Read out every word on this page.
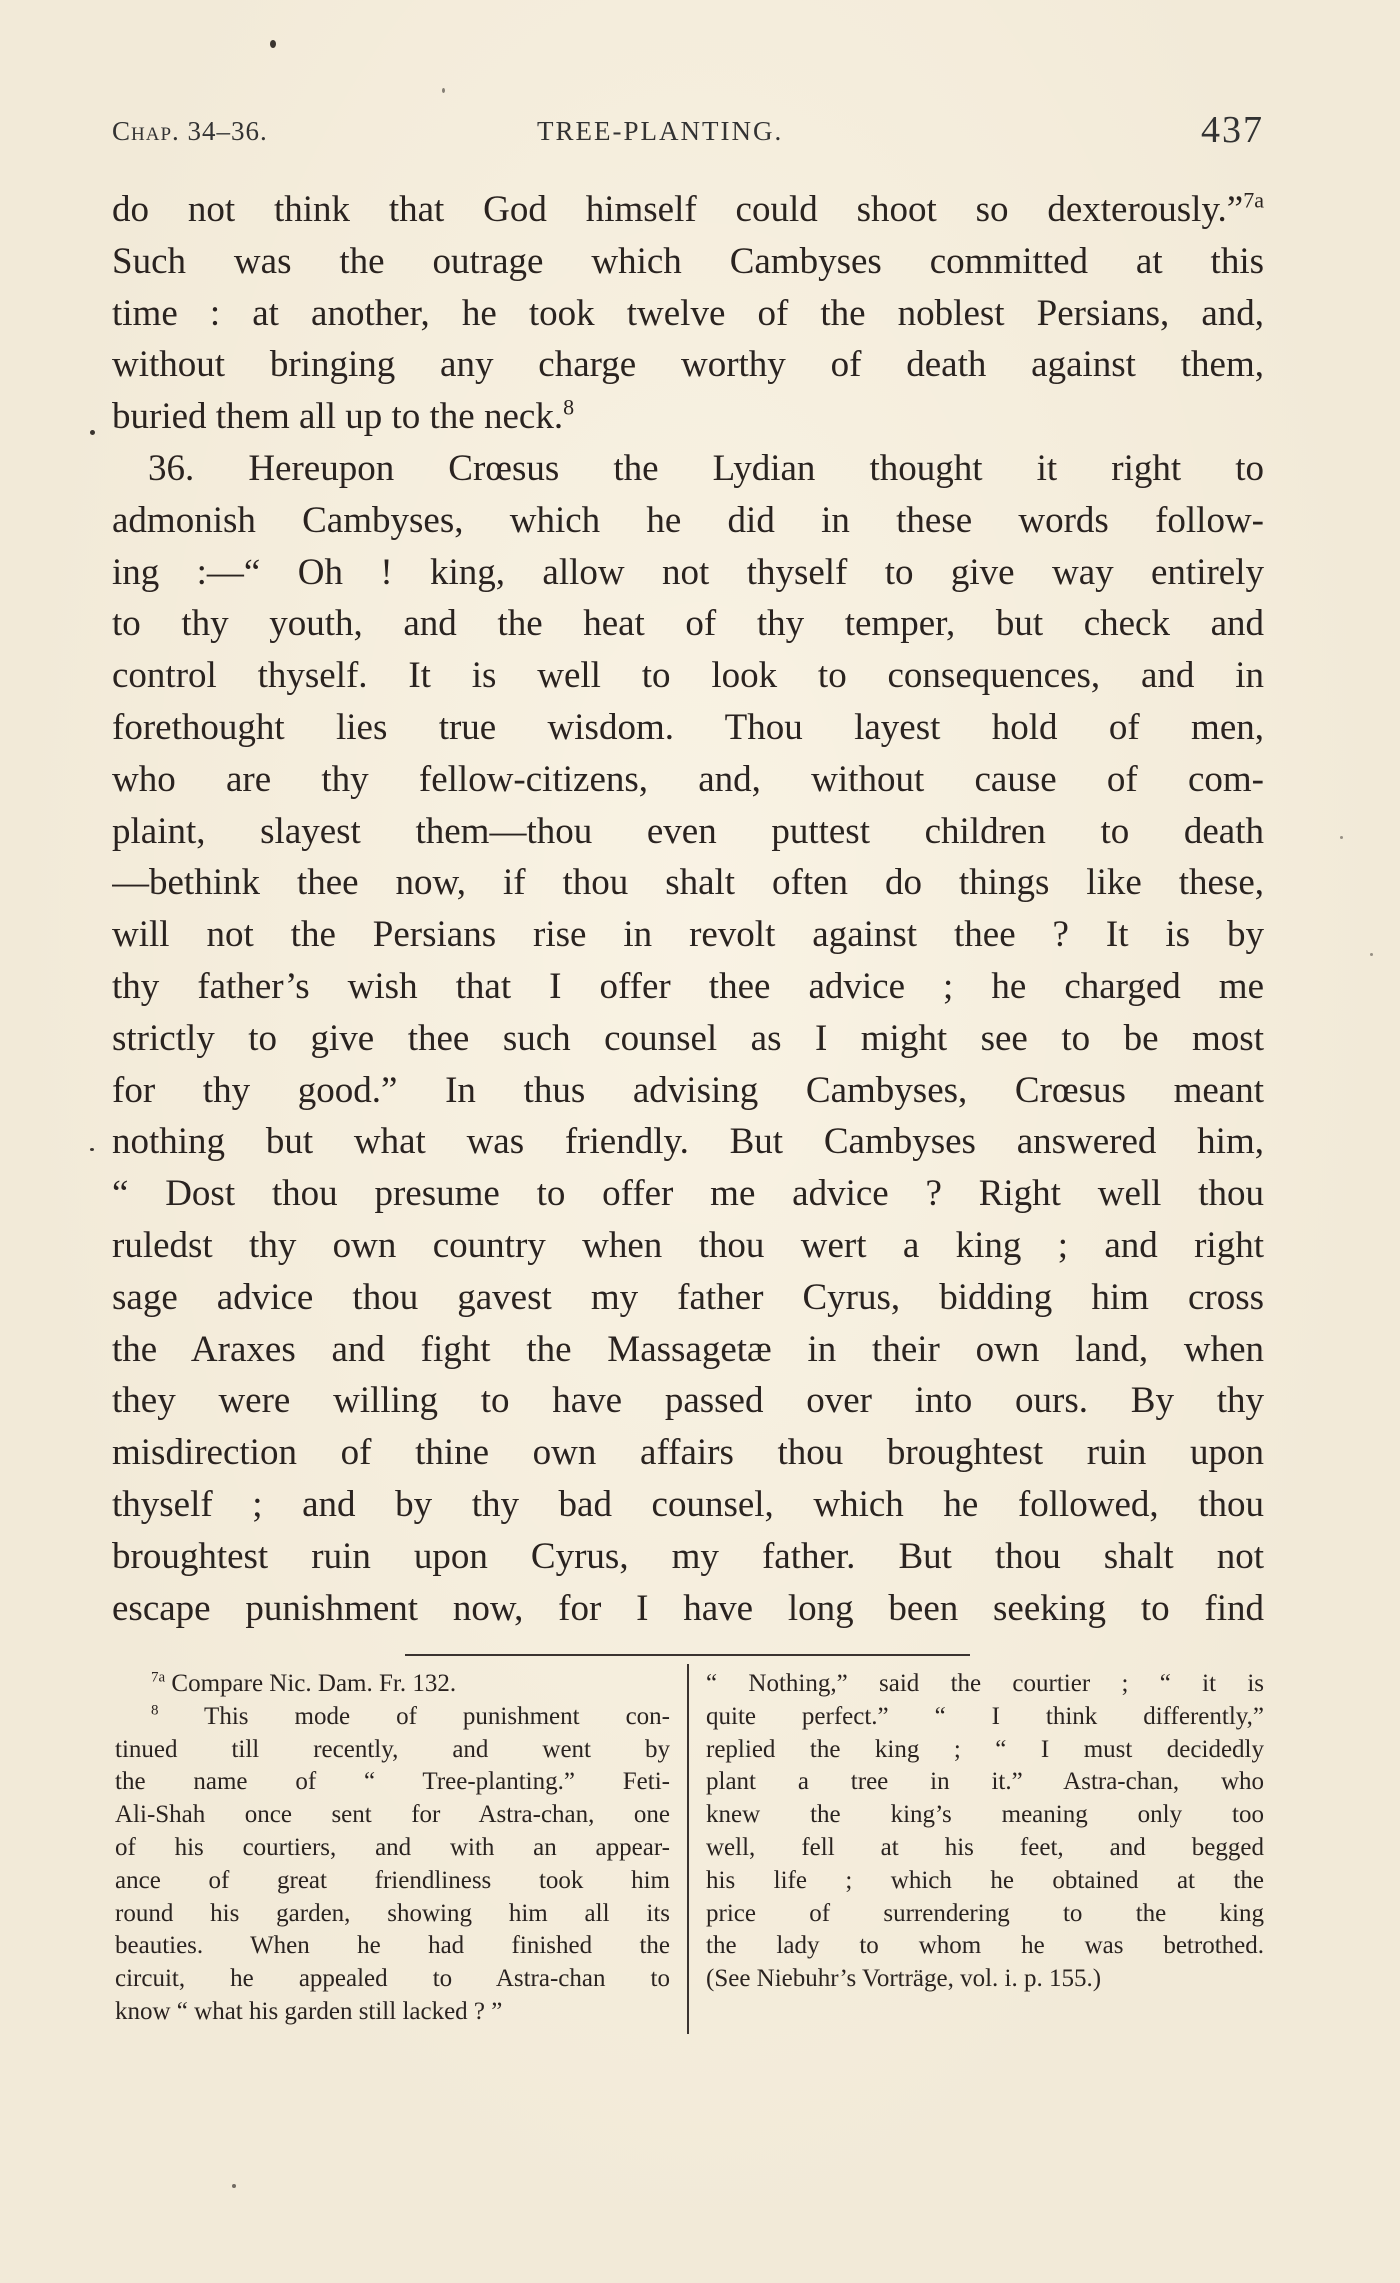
Chap. 34–36.	TREE-PLANTING.	437
do not think that God himself could shoot so dexterously.”$^{7a}$
Such was the outrage which Cambyses committed at this
time : at another, he took twelve of the noblest Persians, and,
without bringing any charge worthy of death against them,
buried them all up to the neck.$^8$
36. Hereupon Crœsus the Lydian thought it right to
admonish Cambyses, which he did in these words follow-
ing :—“ Oh ! king, allow not thyself to give way entirely
to thy youth, and the heat of thy temper, but check and
control thyself. It is well to look to consequences, and in
forethought lies true wisdom. Thou layest hold of men,
who are thy fellow-citizens, and, without cause of com-
plaint, slayest them—thou even puttest children to death
—bethink thee now, if thou shalt often do things like these,
will not the Persians rise in revolt against thee ? It is by
thy father’s wish that I offer thee advice ; he charged me
strictly to give thee such counsel as I might see to be most
for thy good.” In thus advising Cambyses, Crœsus meant
nothing but what was friendly. But Cambyses answered him,
“ Dost thou presume to offer me advice ? Right well thou
ruledst thy own country when thou wert a king ; and right
sage advice thou gavest my father Cyrus, bidding him cross
the Araxes and fight the Massagetæ in their own land, when
they were willing to have passed over into ours. By thy
misdirection of thine own affairs thou broughtest ruin upon
thyself ; and by thy bad counsel, which he followed, thou
broughtest ruin upon Cyrus, my father. But thou shalt not
escape punishment now, for I have long been seeking to find
$^{7a}$ Compare Nic. Dam. Fr. 132.
$^8$ This mode of punishment con-
tinued till recently, and went by
the name of “ Tree-planting.” Feti-
Ali-Shah once sent for Astra-chan, one
of his courtiers, and with an appear-
ance of great friendliness took him
round his garden, showing him all its
beauties. When he had finished the
circuit, he appealed to Astra-chan to
know “ what his garden still lacked ? ”
“ Nothing,” said the courtier ; “ it is
quite perfect.” “ I think differently,”
replied the king ; “ I must decidedly
plant a tree in it.” Astra-chan, who
knew the king’s meaning only too
well, fell at his feet, and begged
his life ; which he obtained at the
price of surrendering to the king
the lady to whom he was betrothed.
(See Niebuhr’s Vorträge, vol. i. p. 155.)
